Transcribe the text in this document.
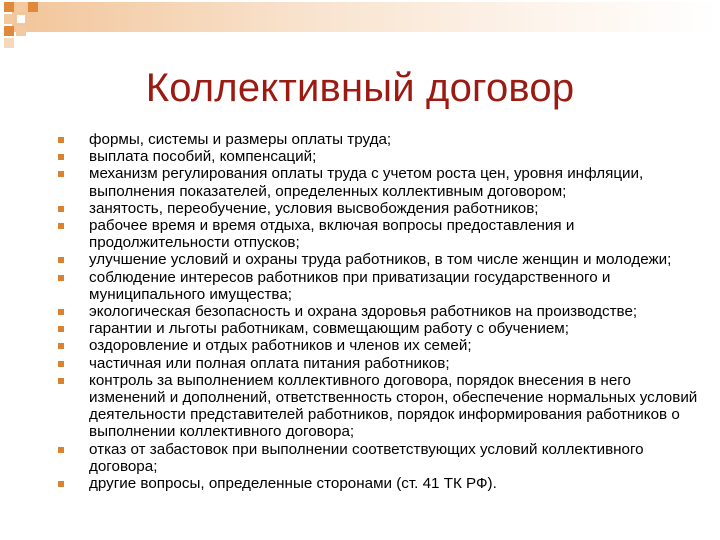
Коллективный договор
формы, системы и размеры оплаты труда;
выплата пособий, компенсаций;
механизм регулирования оплаты труда с учетом роста цен, уровня инфляции, выполнения показателей, определенных коллективным договором;
занятость, переобучение, условия высвобождения работников;
рабочее время и время отдыха, включая вопросы предоставления и продолжительности отпусков;
улучшение условий и охраны труда работников, в том числе женщин и молодежи;
соблюдение интересов работников при приватизации государственного и муниципального имущества;
экологическая безопасность и охрана здоровья работников на производстве;
гарантии и льготы работникам, совмещающим работу с обучением;
оздоровление и отдых работников и членов их семей;
частичная или полная оплата питания работников;
контроль за выполнением коллективного договора, порядок внесения в него изменений и дополнений, ответственность сторон, обеспечение нормальных условий деятельности представителей работников, порядок информирования работников о выполнении коллективного договора;
отказ от забастовок при выполнении соответствующих условий коллективного договора;
другие вопросы, определенные сторонами (ст. 41 ТК РФ).
